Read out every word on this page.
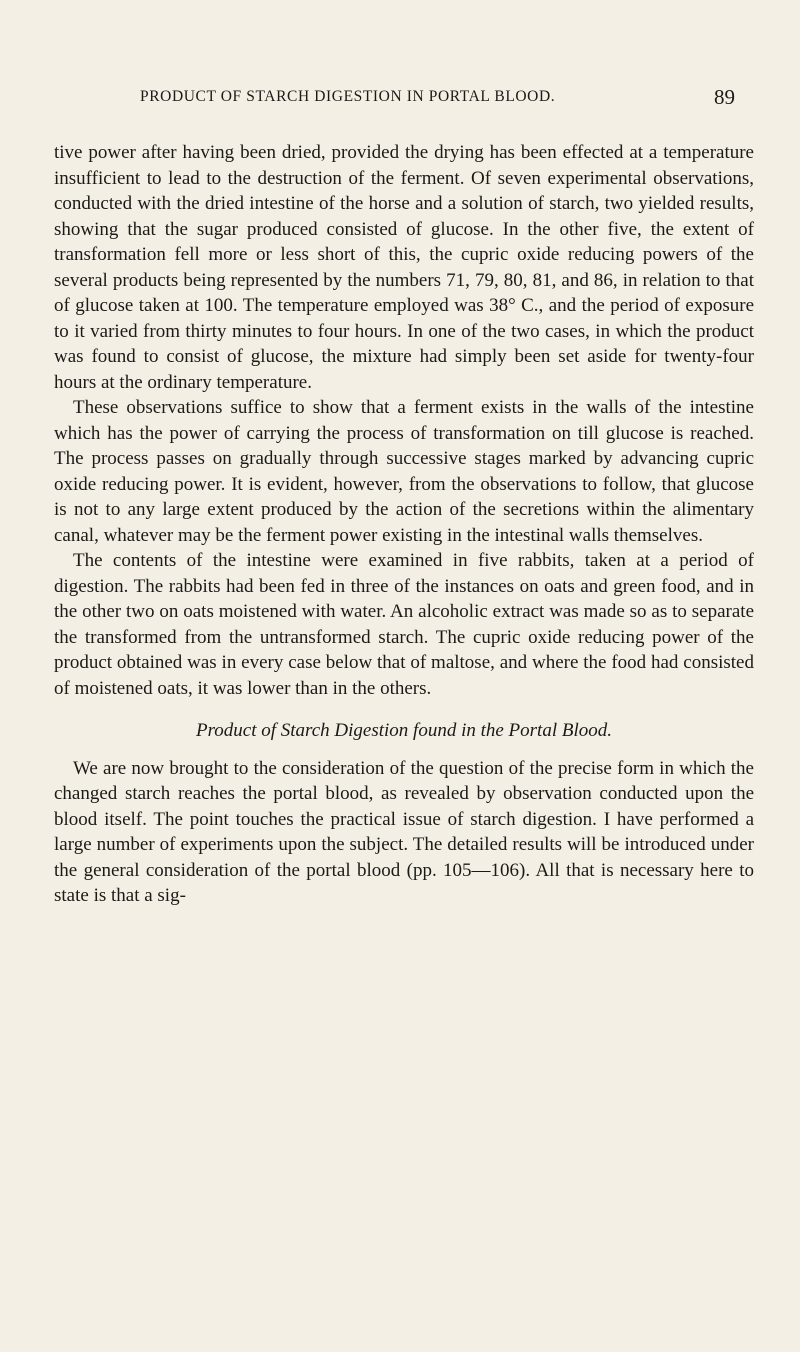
PRODUCT OF STARCH DIGESTION IN PORTAL BLOOD.	89

tive power after having been dried, provided the drying has been effected at a temperature insufficient to lead to the destruction of the ferment. Of seven experimental observations, conducted with the dried intestine of the horse and a solution of starch, two yielded results, showing that the sugar produced consisted of glucose. In the other five, the extent of transformation fell more or less short of this, the cupric oxide reducing powers of the several products being represented by the numbers 71, 79, 80, 81, and 86, in relation to that of glucose taken at 100. The temperature employed was 38° C., and the period of exposure to it varied from thirty minutes to four hours. In one of the two cases, in which the product was found to consist of glucose, the mixture had simply been set aside for twenty-four hours at the ordinary temperature.

These observations suffice to show that a ferment exists in the walls of the intestine which has the power of carrying the process of transformation on till glucose is reached. The process passes on gradually through successive stages marked by advancing cupric oxide reducing power. It is evident, however, from the observations to follow, that glucose is not to any large extent produced by the action of the secretions within the alimentary canal, whatever may be the ferment power existing in the intestinal walls themselves.

The contents of the intestine were examined in five rabbits, taken at a period of digestion. The rabbits had been fed in three of the instances on oats and green food, and in the other two on oats moistened with water. An alcoholic extract was made so as to separate the transformed from the untransformed starch. The cupric oxide reducing power of the product obtained was in every case below that of maltose, and where the food had consisted of moistened oats, it was lower than in the others.

Product of Starch Digestion found in the Portal Blood.

We are now brought to the consideration of the question of the precise form in which the changed starch reaches the portal blood, as revealed by observation conducted upon the blood itself. The point touches the practical issue of starch digestion. I have performed a large number of experiments upon the subject. The detailed results will be introduced under the general consideration of the portal blood (pp. 105—106). All that is necessary here to state is that a sig-
